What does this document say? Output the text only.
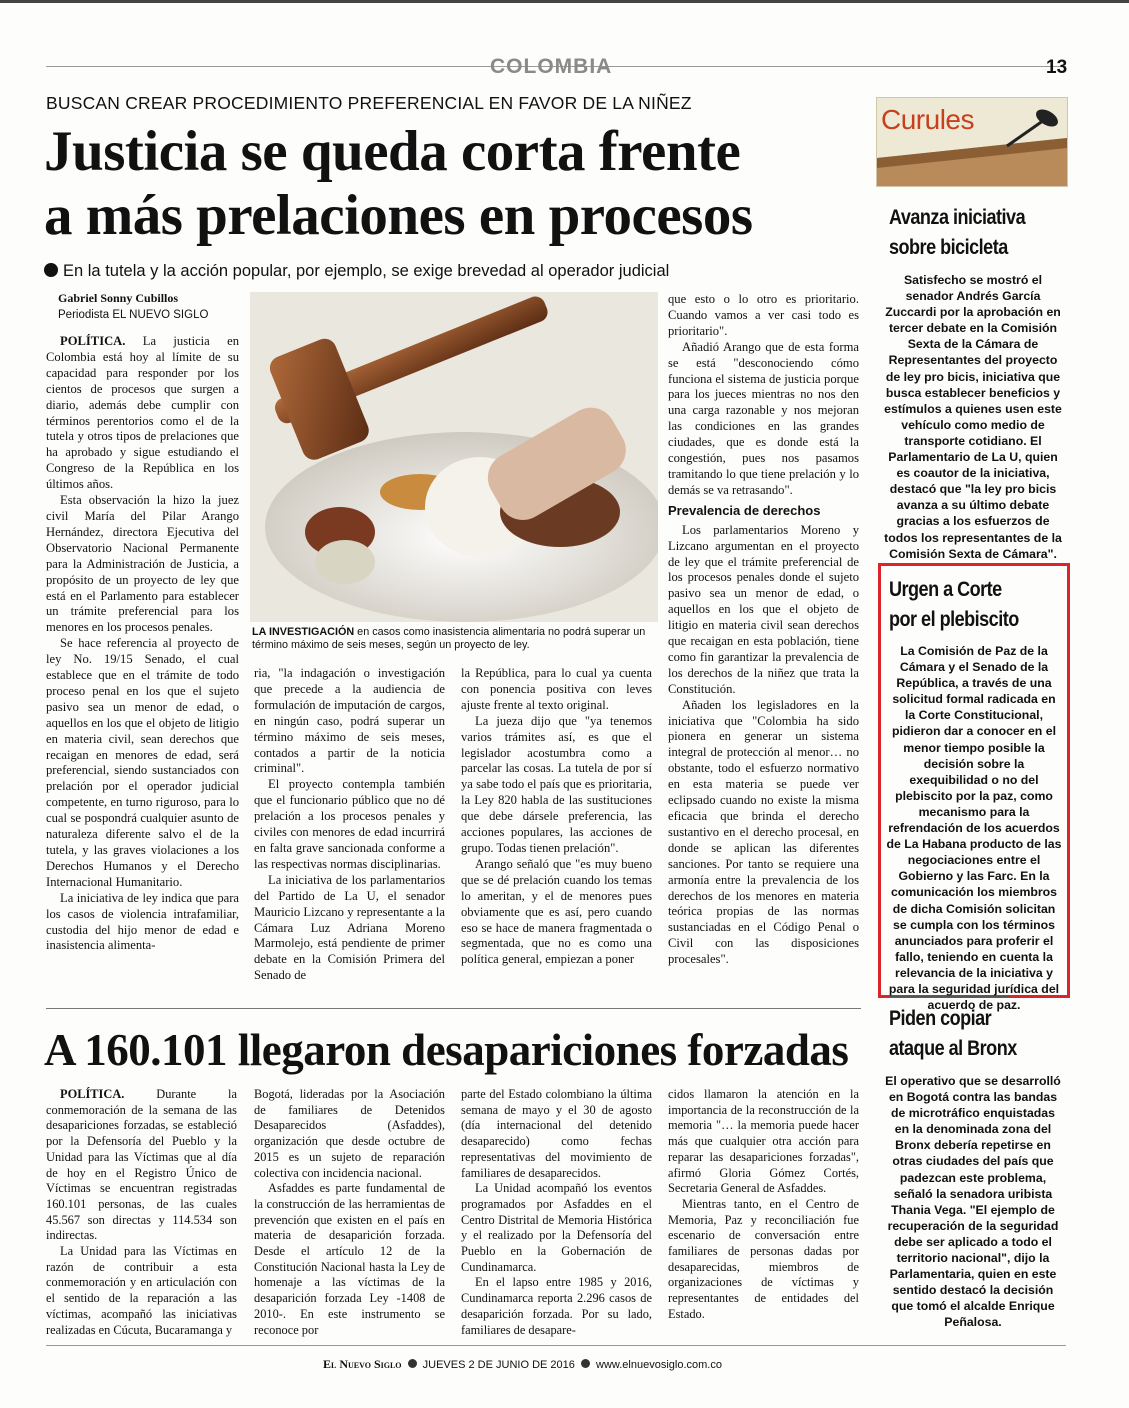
COLOMBIA	13
BUSCAN CREAR PROCEDIMIENTO PREFERENCIAL EN FAVOR DE LA NIÑEZ
Justicia se queda corta frente
a más prelaciones en procesos
En la tutela y la acción popular, por ejemplo, se exige brevedad al operador judicial
Gabriel Sonny Cubillos
Periodista EL NUEVO SIGLO
LA INVESTIGACIÓN en casos como inasistencia alimentaria no podrá superar un término máximo de seis meses, según un proyecto de ley.

POLÍTICA. La justicia en Colombia está hoy al límite de su capacidad para responder por los cientos de procesos que surgen a diario, además debe cumplir con términos perentorios como el de la tutela y otros tipos de prelaciones que ha aprobado y sigue estudiando el Congreso de la República en los últimos años.

Esta observación la hizo la juez civil María del Pilar Arango Hernández, directora Ejecutiva del Observatorio Nacional Permanente para la Administración de Justicia, a propósito de un proyecto de ley que está en el Parlamento para establecer un trámite preferencial para los menores en los procesos penales.

Se hace referencia al proyecto de ley No. 19/15 Senado, el cual establece que en el trámite de todo proceso penal en los que el sujeto pasivo sea un menor de edad, o aquellos en los que el objeto de litigio en materia civil, sean derechos que recaigan en menores de edad, será preferencial, siendo sustanciados con prelación por el operador judicial competente, en turno riguroso, para lo cual se pospondrá cualquier asunto de naturaleza diferente salvo el de la tutela, y las graves violaciones a los Derechos Humanos y el Derecho Internacional Humanitario.

La iniciativa de ley indica que para los casos de violencia intrafamiliar, custodia del hijo menor de edad e inasistencia alimenta-

ria, "la indagación o investigación que precede a la audiencia de formulación de imputación de cargos, en ningún caso, podrá superar un término máximo de seis meses, contados a partir de la noticia criminal".

El proyecto contempla también que el funcionario público que no dé prelación a los procesos penales y civiles con menores de edad incurrirá en falta grave sancionada conforme a las respectivas normas disciplinarias.

La iniciativa de los parlamentarios del Partido de La U, el senador Mauricio Lizcano y representante a la Cámara Luz Adriana Moreno Marmolejo, está pendiente de primer debate en la Comisión Primera del Senado de

la República, para lo cual ya cuenta con ponencia positiva con leves ajuste frente al texto original.

La jueza dijo que "ya tenemos varios trámites así, es que el legislador acostumbra como a parcelar las cosas. La tutela de por sí ya sabe todo el país que es prioritaria, la Ley 820 habla de las sustituciones que debe dársele preferencia, las acciones populares, las acciones de grupo. Todas tienen prelación".

Arango señaló que "es muy bueno que se dé prelación cuando los temas lo ameritan, y el de menores pues obviamente que es así, pero cuando eso se hace de manera fragmentada o segmentada, que no es como una política general, empiezan a poner

que esto o lo otro es prioritario. Cuando vamos a ver casi todo es prioritario".

Añadió Arango que de esta forma se está "desconociendo cómo funciona el sistema de justicia porque para los jueces mientras no nos den una carga razonable y nos mejoran las condiciones en las grandes ciudades, que es donde está la congestión, pues nos pasamos tramitando lo que tiene prelación y lo demás se va retrasando".

Prevalencia de derechos

Los parlamentarios Moreno y Lizcano argumentan en el proyecto de ley que el trámite preferencial de los procesos penales donde el sujeto pasivo sea un menor de edad, o aquellos en los que el objeto de litigio en materia civil sean derechos que recaigan en esta población, tiene como fin garantizar la prevalencia de los derechos de la niñez que trata la Constitución.

Añaden los legisladores en la iniciativa que "Colombia ha sido pionera en generar un sistema integral de protección al menor… no obstante, todo el esfuerzo normativo en esta materia se puede ver eclipsado cuando no existe la misma eficacia que brinda el derecho sustantivo en el derecho procesal, en donde se aplican las diferentes sanciones. Por tanto se requiere una armonía entre la prevalencia de los derechos de los menores en materia teórica propias de las normas sustanciadas en el Código Penal o Civil con las disposiciones procesales".

A 160.101 llegaron desapariciones forzadas

POLÍTICA.	Durante la conmemoración de la semana de las desapariciones forzadas, se estableció por la Defensoría del Pueblo y la Unidad para las Víctimas que al día de hoy en el Registro Único de Víctimas se encuentran registradas 160.101 personas, de las cuales 45.567 son directas y 114.534 son indirectas.

La Unidad para las Víctimas en razón de contribuir a esta conmemoración y en articulación con el sentido de la reparación a las víctimas, acompañó las iniciativas realizadas en Cúcuta, Bucaramanga y

Bogotá, lideradas por la Asociación de familiares de Detenidos Desaparecidos (Asfaddes), organización que desde octubre de 2015 es un sujeto de reparación colectiva con incidencia nacional.

Asfaddes es parte fundamental de la construcción de las herramientas de prevención que existen en el país en materia de desaparición forzada. Desde el artículo 12 de la Constitución Nacional hasta la Ley de homenaje a las víctimas de la desaparición forzada Ley -1408 de 2010-. En este instrumento se reconoce por

parte del Estado colombiano la última semana de mayo y el 30 de agosto (día internacional del detenido desaparecido) como fechas representativas del movimiento de familiares de desaparecidos.

La Unidad acompañó los eventos programados por Asfaddes en el Centro Distrital de Memoria Histórica y el realizado por la Defensoría del Pueblo en la Gobernación de Cundinamarca.

En el lapso entre 1985 y 2016, Cundinamarca reporta 2.296 casos de desaparición forzada. Por su lado, familiares de desapare-

cidos llamaron la atención en la importancia de la reconstrucción de la memoria "… la memoria puede hacer más que cualquier otra acción para reparar las desapariciones forzadas", afirmó Gloria Gómez Cortés, Secretaria General de Asfaddes.

Mientras tanto, en el Centro de Memoria, Paz y reconciliación fue escenario de conversación entre familiares de personas dadas por desaparecidas, miembros de organizaciones de víctimas y representantes de entidades del Estado.

Curules
Avanza iniciativa
sobre bicicleta
Satisfecho se mostró el senador Andrés García Zuccardi por la aprobación en tercer debate en la Comisión Sexta de la Cámara de Representantes del proyecto de ley pro bicis, iniciativa que busca establecer beneficios y estímulos a quienes usen este vehículo como medio de transporte cotidiano. El Parlamentario de La U, quien es coautor de la iniciativa, destacó que "la ley pro bicis avanza a su último debate gracias a los esfuerzos de todos los representantes de la Comisión Sexta de Cámara".
Urgen a Corte
por el plebiscito
La Comisión de Paz de la Cámara y el Senado de la República, a través de una solicitud formal radicada en la Corte Constitucional, pidieron dar a conocer en el menor tiempo posible la decisión sobre la exequibilidad o no del plebiscito por la paz, como mecanismo para la refrendación de los acuerdos de La Habana producto de las negociaciones entre el Gobierno y las Farc. En la comunicación los miembros de dicha Comisión solicitan se cumpla con los términos anunciados para proferir el fallo, teniendo en cuenta la relevancia de la iniciativa y para la seguridad jurídica del acuerdo de paz.
Piden copiar
ataque al Bronx
El operativo que se desarrolló en Bogotá contra las bandas de microtráfico enquistadas en la denominada zona del Bronx debería repetirse en otras ciudades del país que padezcan este problema, señaló la senadora uribista Thania Vega. "El ejemplo de recuperación de la seguridad debe ser aplicado a todo el territorio nacional", dijo la Parlamentaria, quien en este sentido destacó la decisión que tomó el alcalde Enrique Peñalosa.
El Nuevo Siglo JUEVES 2 DE JUNIO DE 2016 www.elnuevosiglo.com.co
